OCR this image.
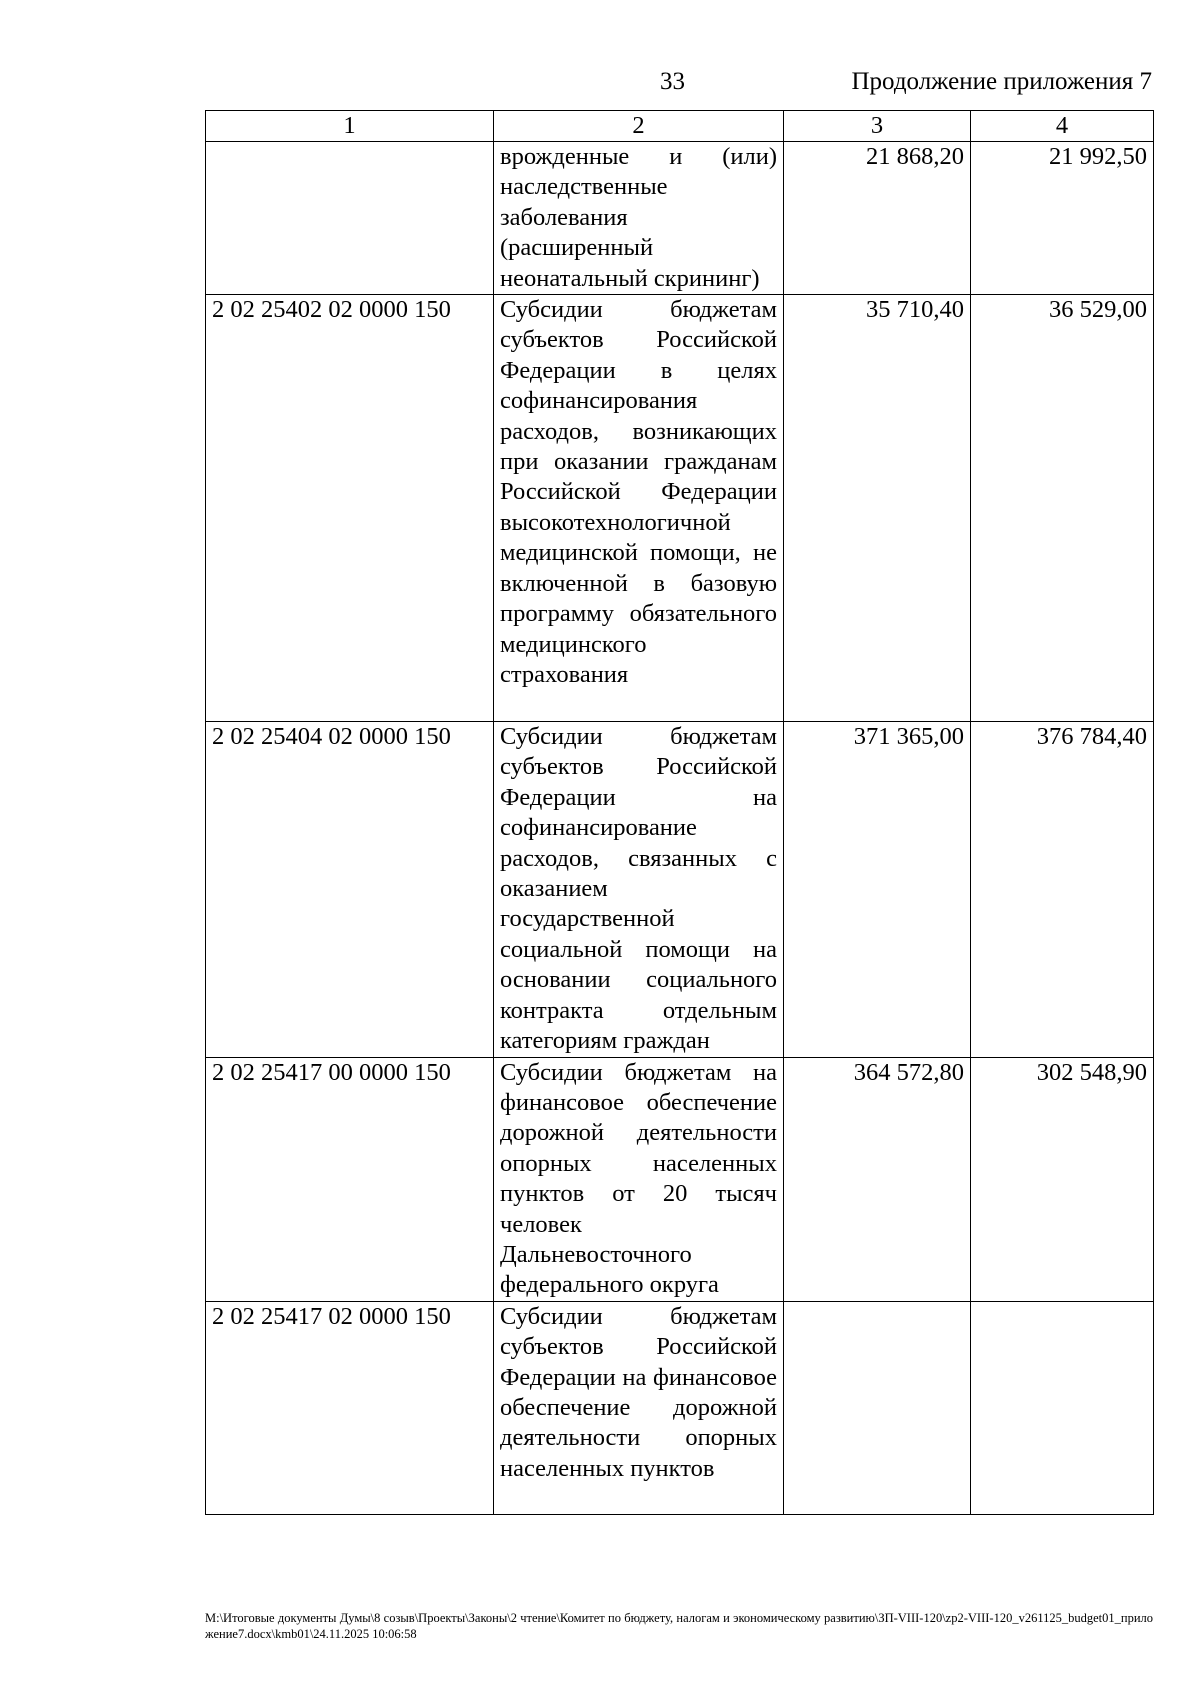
33	Продолжение приложения 7
1	2	3	4
	врожденные и (или) наследственные заболевания (расширенный неонатальный скрининг)	21 868,20	21 992,50
2 02 25402 02 0000 150	Субсидии бюджетам субъектов Российской Федерации в целях софинансирования расходов, возникающих при оказании гражданам Российской Федерации высокотехнологичной медицинской помощи, не включенной в базовую программу обязательного медицинского страхования	35 710,40	36 529,00
2 02 25404 02 0000 150	Субсидии бюджетам субъектов Российской Федерации на софинансирование расходов, связанных с оказанием государственной социальной помощи на основании социального контракта отдельным категориям граждан	371 365,00	376 784,40
2 02 25417 00 0000 150	Субсидии бюджетам на финансовое обеспечение дорожной деятельности опорных населенных пунктов от 20 тысяч человек Дальневосточного федерального округа	364 572,80	302 548,90
2 02 25417 02 0000 150	Субсидии бюджетам субъектов Российской Федерации на финансовое обеспечение дорожной деятельности опорных населенных пунктов		
M:\Итоговые документы Думы\8 созыв\Проекты\Законы\2 чтение\Комитет по бюджету, налогам и экономическому развитию\ЗП-VIII-120\zp2-VIII-120_v261125_budget01_приложение7.docx\kmb01\24.11.2025 10:06:58
